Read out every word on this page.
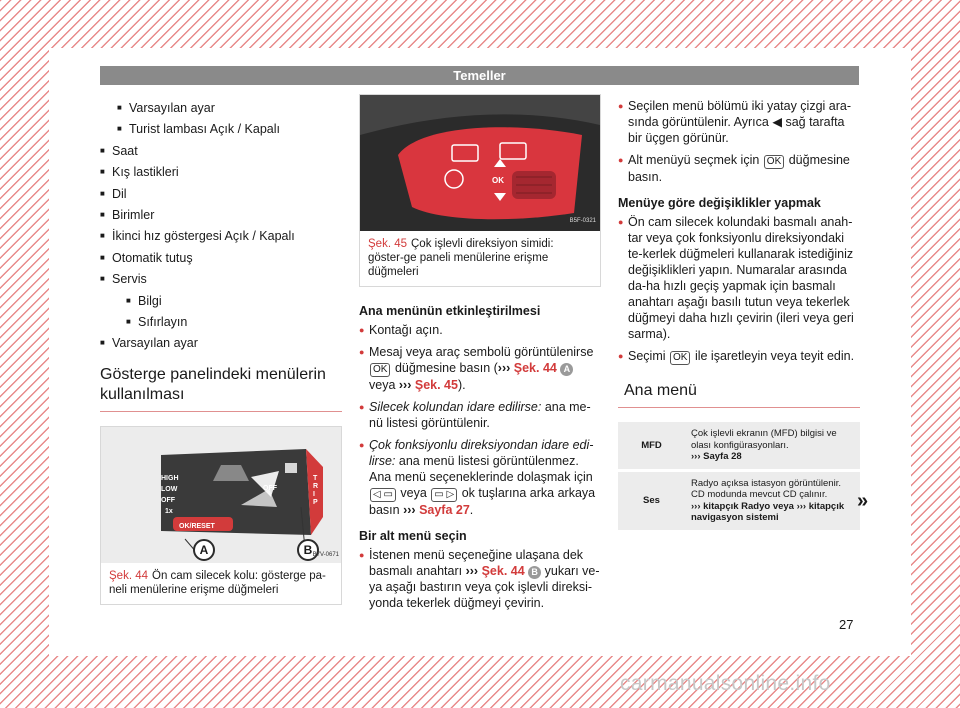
Temeller
■ Varsayılan ayar
■ Turist lambası Açık / Kapalı
■ Saat
■ Kış lastikleri
■ Dil
■ Birimler
■ İkinci hız göstergesi Açık / Kapalı
■ Otomatik tutuş
■ Servis
■ Bilgi
■ Sıfırlayın
■ Varsayılan ayar
Gösterge panelindeki menülerin kullanılması
HIGH
LOW
OFF
1x
OFF
TRIP
OK/RESET
A	B B7V-0671
Şek. 44 Ön cam silecek kolu: gösterge pa-neli menülerine erişme düğmeleri
OK
B5F-0321
Şek. 45 Çok işlevli direksiyon simidi: göster-ge paneli menülerine erişme düğmeleri
Ana menünün etkinleştirilmesi
● Kontağı açın.
● Mesaj veya araç sembolü görüntülenirse OK düğmesine basın (››› Şek. 44 A veya ››› Şek. 45).
● Silecek kolundan idare edilirse: ana me-nü listesi görüntülenir.
● Çok fonksiyonlu direksiyondan idare edi-lirse: ana menü listesi görüntülenmez. Ana menü seçeneklerinde dolaşmak için ◁ ▭ veya ▭ ▷ ok tuşlarına arka arkaya basın ››› Sayfa 27.
Bir alt menü seçin
● İstenen menü seçeneğine ulaşana dek basmalı anahtarı ››› Şek. 44 B yukarı ve-ya aşağı bastırın veya çok işlevli direksi-yonda tekerlek düğmeyi çevirin.
● Seçilen menü bölümü iki yatay çizgi ara-sında görüntülenir. Ayrıca ◀ sağ tarafta bir üçgen görünür.
● Alt menüyü seçmek için OK düğmesine basın.
Menüye göre değişiklikler yapmak
● Ön cam silecek kolundaki basmalı anah-tar veya çok fonksiyonlu direksiyondaki te-kerlek düğmeleri kullanarak istediğiniz değişiklikleri yapın. Numaralar arasında da-ha hızlı geçiş yapmak için basmalı anahtarı aşağı basılı tutun veya tekerlek düğmeyi daha hızlı çevirin (ileri veya geri sarma).
● Seçimi OK ile işaretleyin veya teyit edin.
Ana menü
MFD	Çok işlevli ekranın (MFD) bilgisi ve olası konfigürasyonları.
››› Sayfa 28

Ses	Radyo açıksa istasyon görüntülenir. CD modunda mevcut CD çalınır.
››› kitapçık Radyo veya ››› kitapçık navigasyon sistemi
»
27
carmanualsonline.info
